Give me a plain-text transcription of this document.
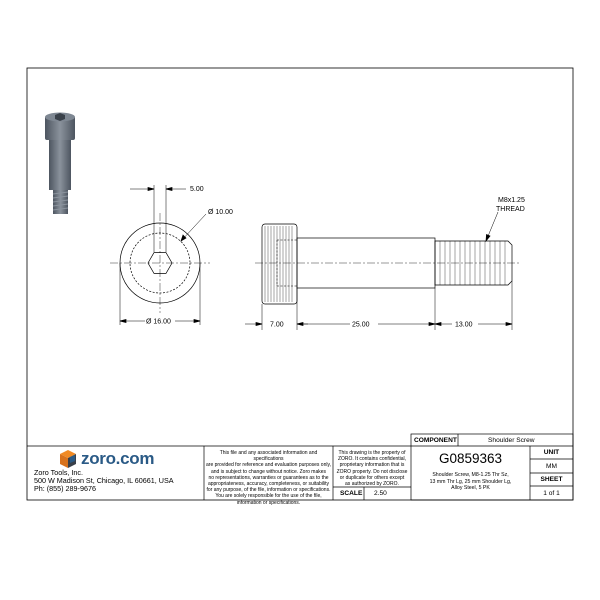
5.00
Ø 10.00
Ø 16.00	7.00	25.00	13.00
M8x1.25
THREAD
zoro.com
Zoro Tools, Inc.
500 W Madison St, Chicago, IL 60661, USA
Ph: (855) 289-9676
This file and any associated information and specifications
are provided for reference and evaluation purposes only,
and is subject to change without notice. Zoro makes
no representations, warranties or guarantees as to the
appropriateness, accuracy, completeness, or suitability
for any purpose, of the file, information or specifications.
You are solely responsible for the use of the file,
information or specifications.
This drawing is the property of
ZORO. It contains confidential,
proprietary information that is
ZORO property. Do not disclose
or duplicate for others except
as authorized by ZORO.
SCALE 2.50
COMPONENT	Shoulder Screw
G0859363
Shoulder Screw, M8-1.25 Thr Sz,
13 mm Thr Lg, 25 mm Shoulder Lg,
Alloy Steel, 5 PK
UNIT
MM
SHEET
1 of 1
